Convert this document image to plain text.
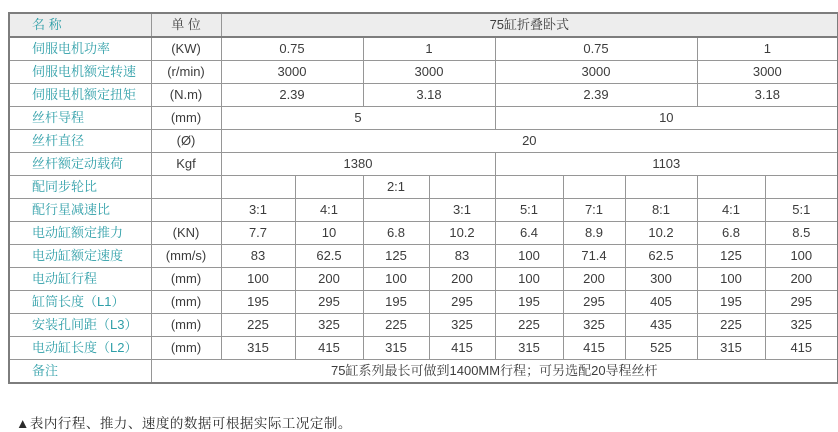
名 称	单 位	75缸折叠卧式								
伺服电机功率	(KW)	0.75		1		0.75			1	
伺服电机额定转速	(r/min)	3000		3000		3000			3000	
伺服电机额定扭矩	(N.m)	2.39		3.18		2.39			3.18	
丝杆导程	(mm)	5				10				
丝杆直径	(Ø)	20								
丝杆额定动载荷	Kgf	1380				1103				
配同步轮比				2:1						
配行星减速比		3:1	4:1		3:1	5:1	7:1	8:1	4:1	5:1
电动缸额定推力	(KN)	7.7	10	6.8	10.2	6.4	8.9	10.2	6.8	8.5
电动缸额定速度	(mm/s)	83	62.5	125	83	100	71.4	62.5	125	100
电动缸行程	(mm)	100	200	100	200	100	200	300	100	200
缸筒长度（L1）	(mm)	195	295	195	295	195	295	405	195	295
安装孔间距（L3）	(mm)	225	325	225	325	225	325	435	225	325
电动缸长度（L2）	(mm)	315	415	315	415	315	415	525	315	415
备注	75缸系列最长可做到1400MM行程；可另选配20导程丝杆									
▲表内行程、推力、速度的数据可根据实际工况定制。
